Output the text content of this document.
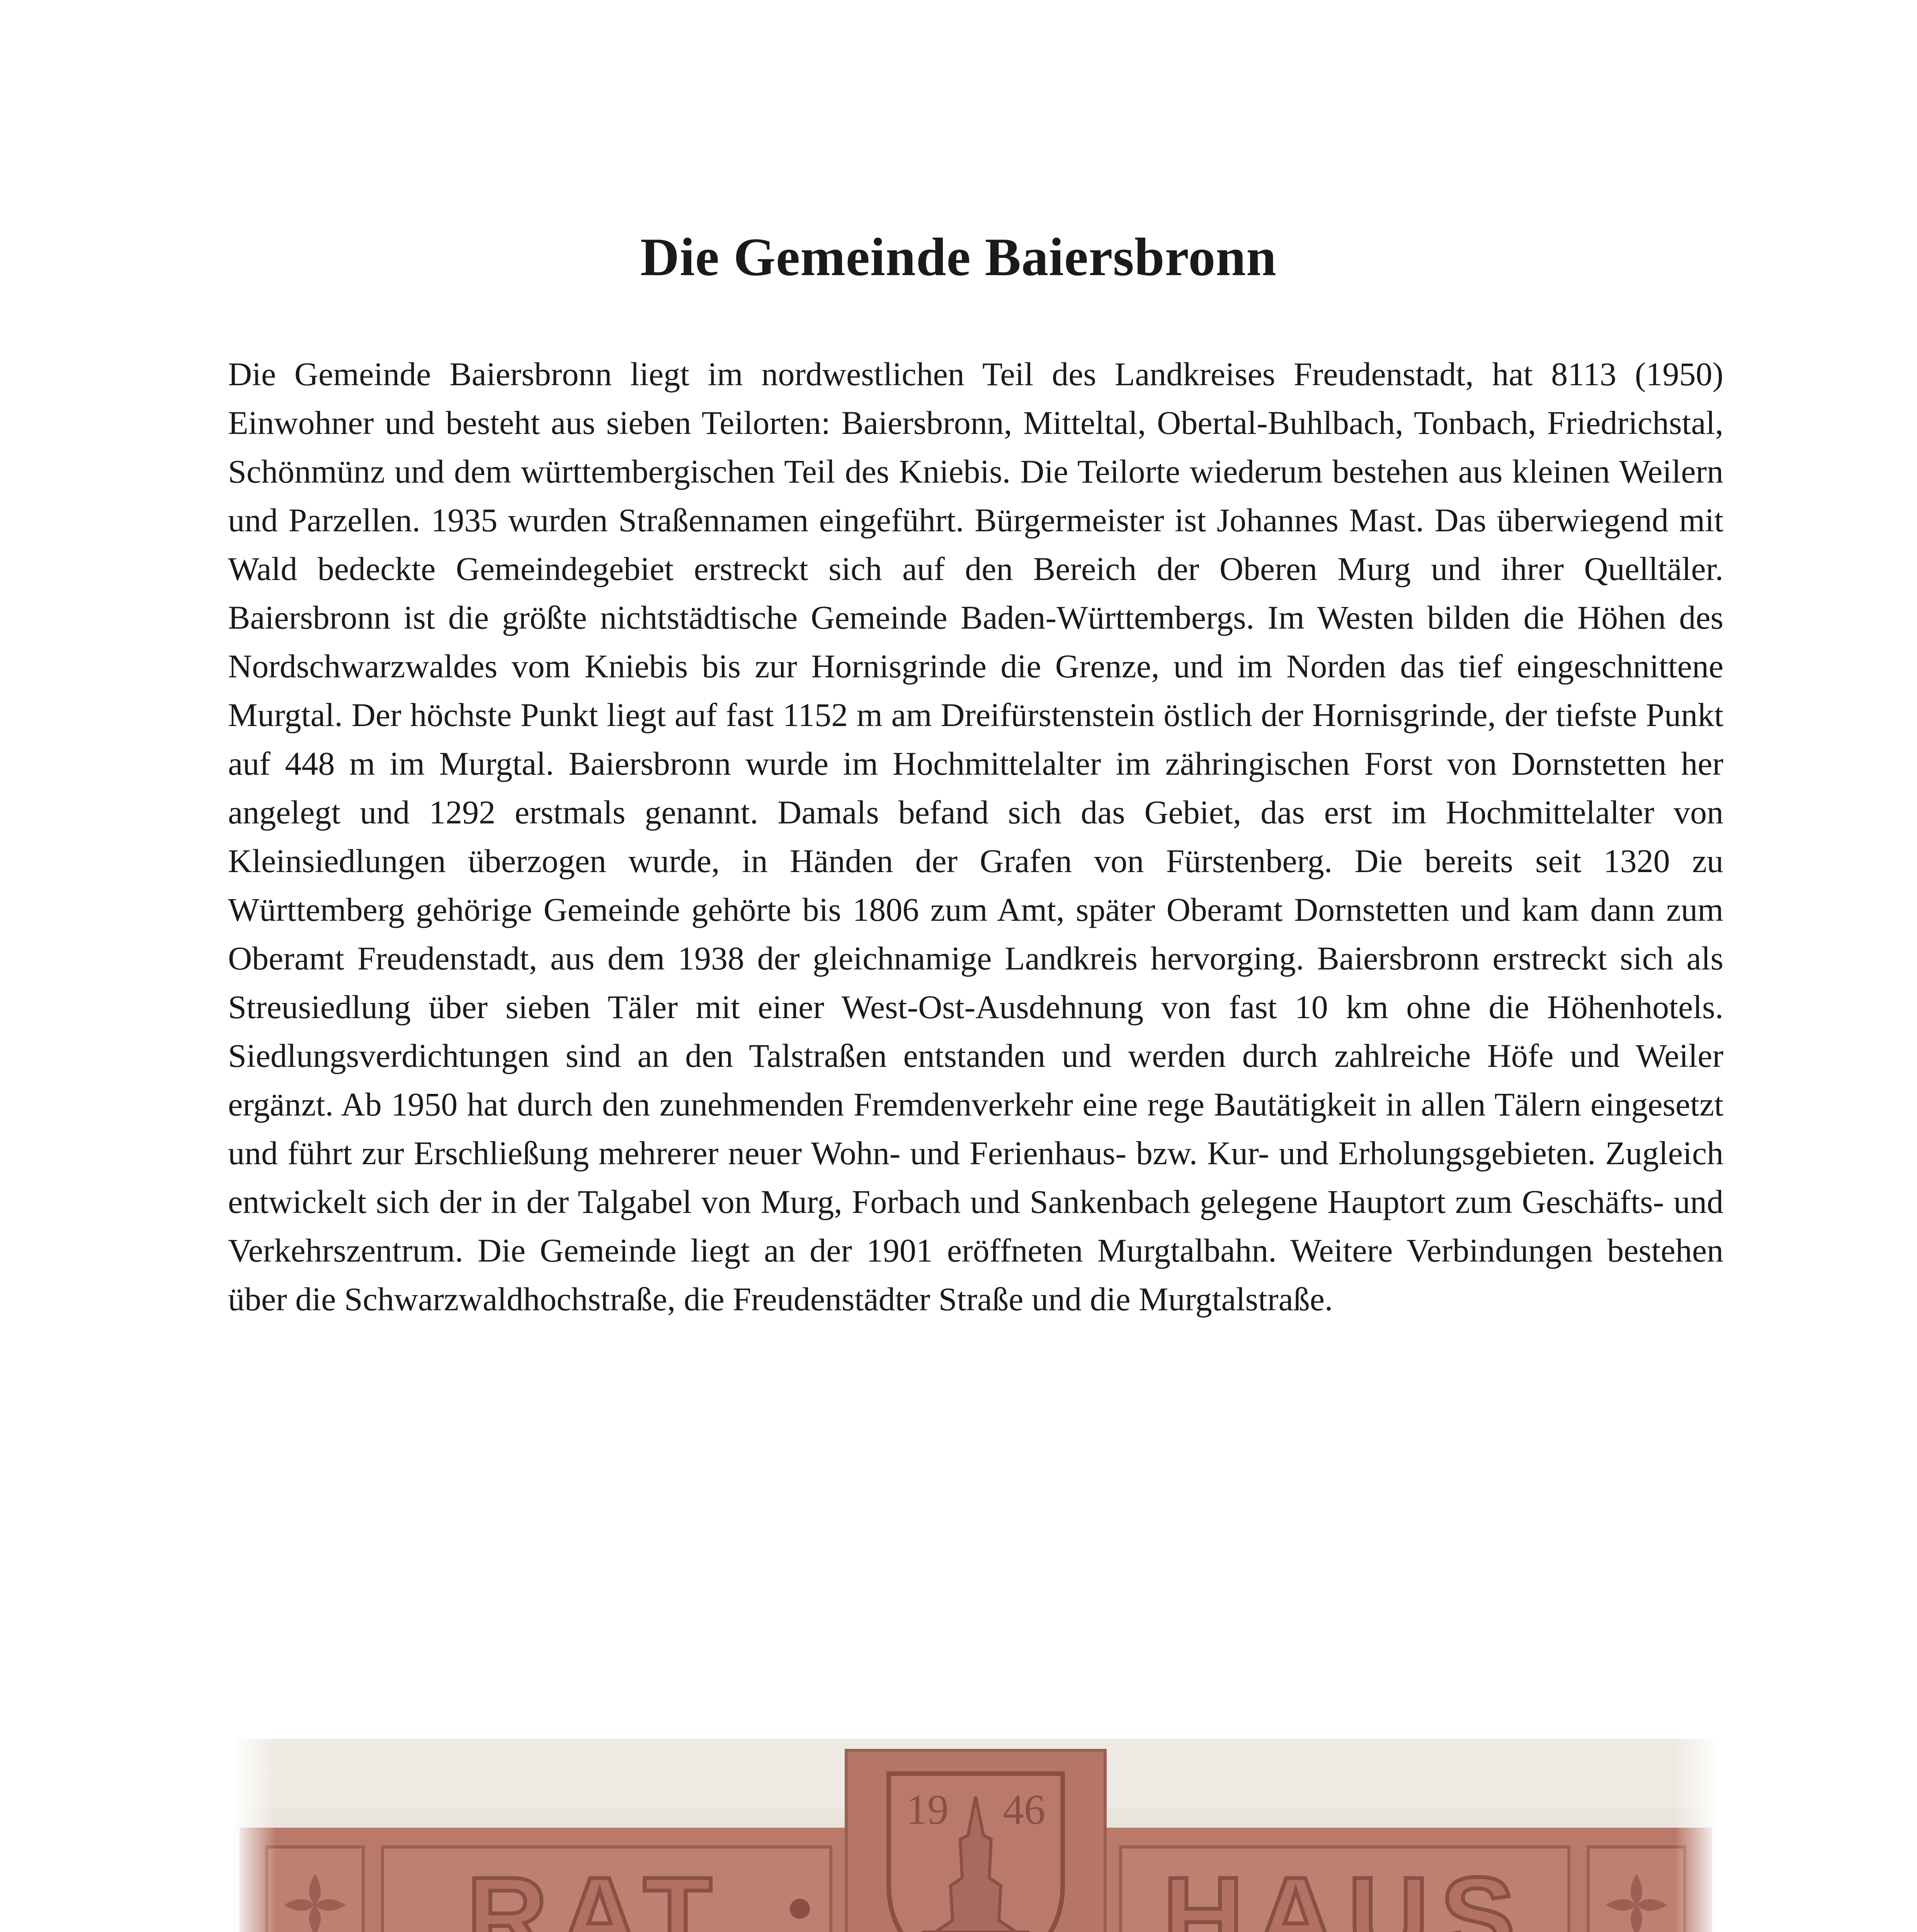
Die Gemeinde Baiersbronn

Die Gemeinde Baiersbronn liegt im nordwestlichen Teil des Landkreises Freudenstadt, hat 8113 (1950) Einwohner und besteht aus sieben Teilorten: Baiersbronn, Mitteltal, Obertal-Buhlbach, Tonbach, Friedrichstal, Schönmünz und dem württembergischen Teil des Kniebis. Die Teilorte wiederum bestehen aus kleinen Weilern und Parzellen. 1935 wurden Straßennamen eingeführt. Bürgermeister ist Johannes Mast. Das überwiegend mit Wald bedeckte Gemeindegebiet erstreckt sich auf den Bereich der Oberen Murg und ihrer Quelltäler. Baiersbronn ist die größte nichtstädtische Gemeinde Baden-Württembergs. Im Westen bilden die Höhen des Nordschwarzwaldes vom Kniebis bis zur Hornisgrinde die Grenze, und im Norden das tief eingeschnittene Murgtal. Der höchste Punkt liegt auf fast 1152 m am Dreifürstenstein östlich der Hornisgrinde, der tiefste Punkt auf 448 m im Murgtal. Baiersbronn wurde im Hochmittelalter im zähringischen Forst von Dornstetten her angelegt und 1292 erstmals genannt. Damals befand sich das Gebiet, das erst im Hochmittelalter von Kleinsiedlungen überzogen wurde, in Händen der Grafen von Fürstenberg. Die bereits seit 1320 zu Württemberg gehörige Gemeinde gehörte bis 1806 zum Amt, später Oberamt Dornstetten und kam dann zum Oberamt Freudenstadt, aus dem 1938 der gleichnamige Landkreis hervorging. Baiersbronn erstreckt sich als Streusiedlung über sieben Täler mit einer West-Ost-Ausdehnung von fast 10 km ohne die Höhenhotels. Siedlungsverdichtungen sind an den Talstraßen entstanden und werden durch zahlreiche Höfe und Weiler ergänzt. Ab 1950 hat durch den zunehmenden Fremdenverkehr eine rege Bautätigkeit in allen Tälern eingesetzt und führt zur Erschließung mehrerer neuer Wohn- und Ferienhaus- bzw. Kur- und Erholungsgebieten. Zugleich entwickelt sich der in der Talgabel von Murg, Forbach und Sankenbach gelegene Hauptort zum Geschäfts- und Verkehrszentrum. Die Gemeinde liegt an der 1901 eröffneten Murgtalbahn. Weitere Verbindungen bestehen über die Schwarzwaldhochstraße, die Freudenstädter Straße und die Murgtalstraße.
